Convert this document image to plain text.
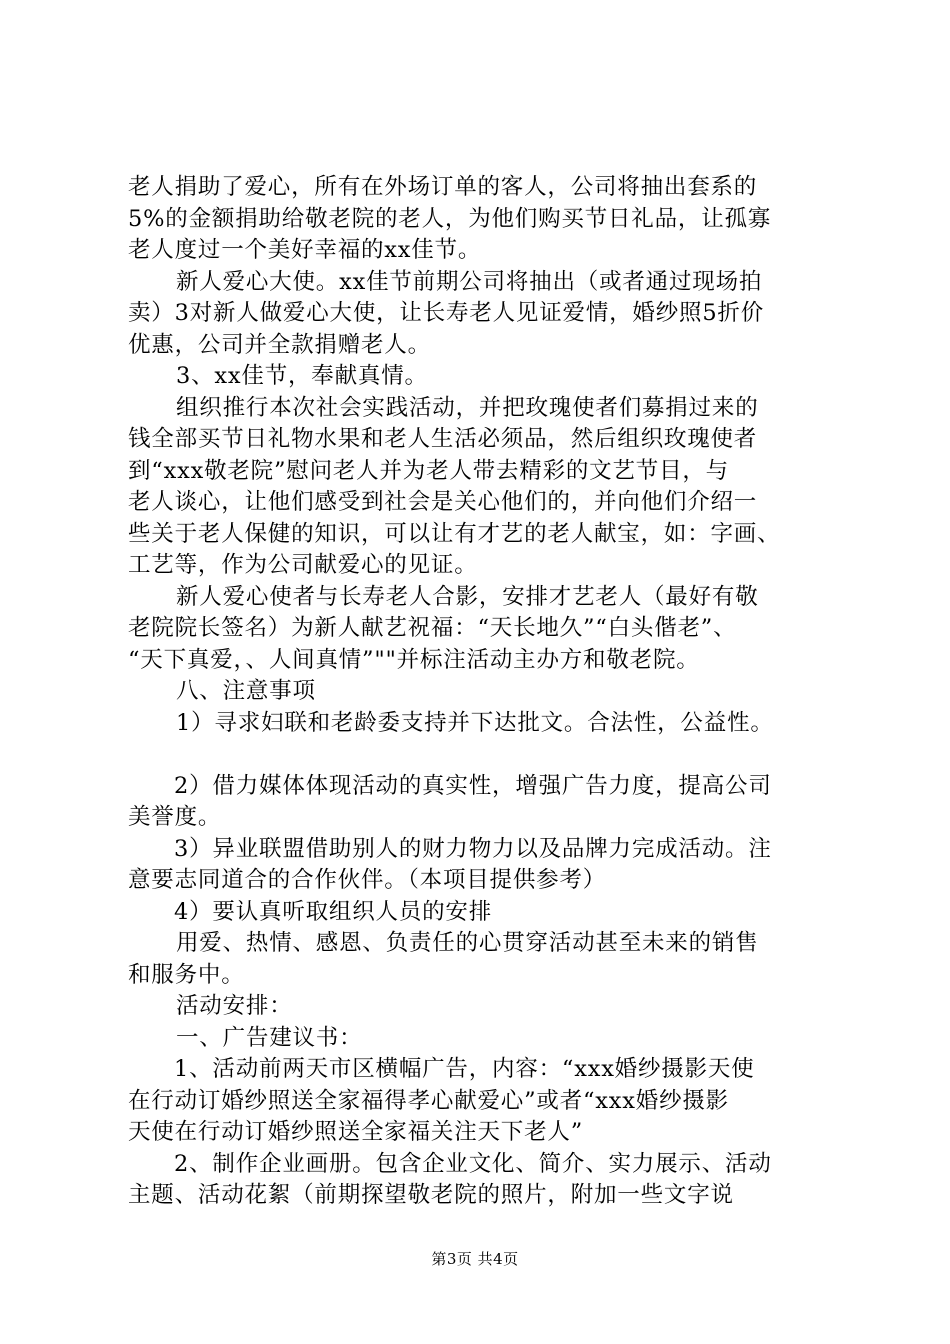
老人捐助了爱心，所有在外场订单的客人，公司将抽出套系的
5%的金额捐助给敬老院的老人，为他们购买节日礼品，让孤寡
老人度过一个美好幸福的xx佳节。
新人爱心大使。xx佳节前期公司将抽出（或者通过现场拍
卖）3对新人做爱心大使，让长寿老人见证爱情，婚纱照5折价
优惠，公司并全款捐赠老人。
3、xx佳节，奉献真情。
组织推行本次社会实践活动，并把玫瑰使者们募捐过来的
钱全部买节日礼物水果和老人生活必须品，然后组织玫瑰使者
到“xxx敬老院”慰问老人并为老人带去精彩的文艺节目，与
老人谈心，让他们感受到社会是关心他们的，并向他们介绍一
些关于老人保健的知识，可以让有才艺的老人献宝，如：字画、
工艺等，作为公司献爱心的见证。
新人爱心使者与长寿老人合影，安排才艺老人（最好有敬
老院院长签名）为新人献艺祝福：“天长地久”“白头偕老”、
“天下真爱，、人间真情”""并标注活动主办方和敬老院。
八、注意事项
1）寻求妇联和老龄委支持并下达批文。合法性，公益性。
2）借力媒体体现活动的真实性，增强广告力度，提高公司
美誉度。
3）异业联盟借助别人的财力物力以及品牌力完成活动。注
意要志同道合的合作伙伴。（本项目提供参考）
4）要认真听取组织人员的安排
用爱、热情、感恩、负责任的心贯穿活动甚至未来的销售
和服务中。
活动安排：
一、广告建议书：
1、活动前两天市区横幅广告，内容：“xxx婚纱摄影天使
在行动订婚纱照送全家福得孝心献爱心”或者“xxx婚纱摄影
天使在行动订婚纱照送全家福关注天下老人”
2、制作企业画册。包含企业文化、简介、实力展示、活动
主题、活动花絮（前期探望敬老院的照片，附加一些文字说
第3页 共4页
